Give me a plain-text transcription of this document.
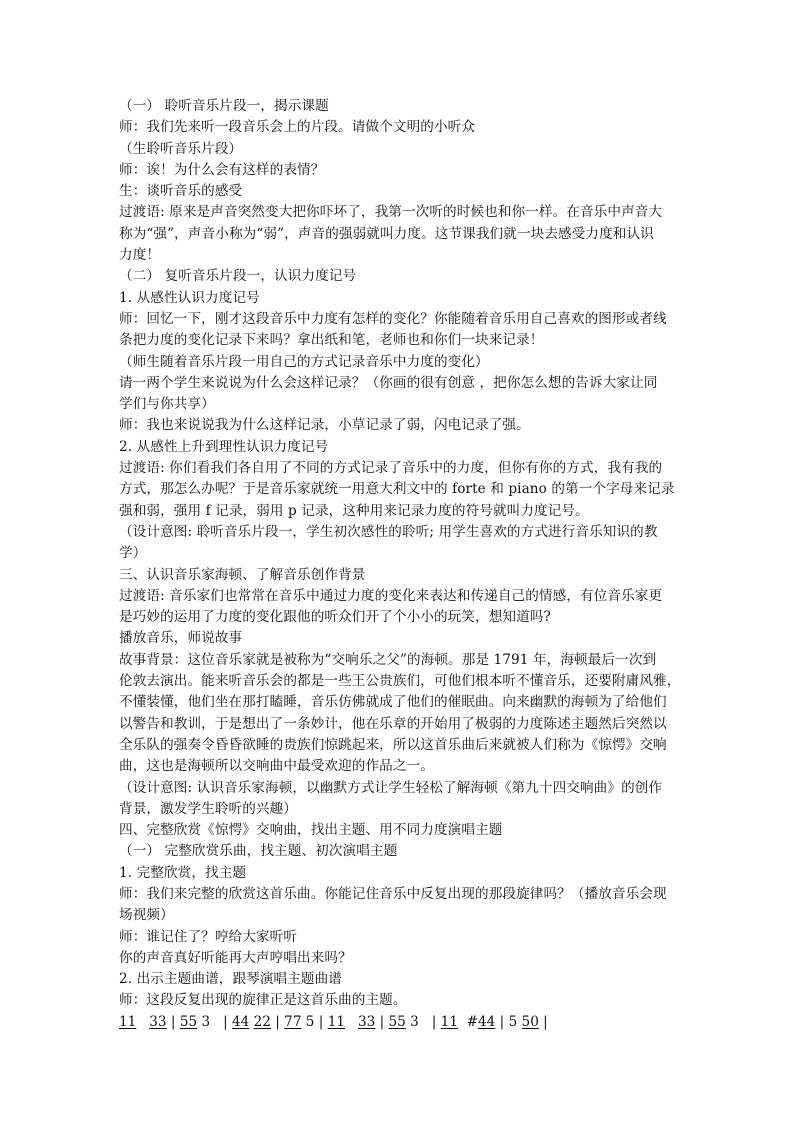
（一） 聆听音乐片段一，揭示课题
师：我们先来听一段音乐会上的片段。请做个文明的小听众
（生聆听音乐片段）
师：诶！为什么会有这样的表情？
生：谈听音乐的感受
过渡语: 原来是声音突然变大把你吓坏了，我第一次听的时候也和你一样。在音乐中声音大
称为“强”，声音小称为“弱”，声音的强弱就叫力度。这节课我们就一块去感受力度和认识
力度！
（二） 复听音乐片段一，认识力度记号
1. 从感性认识力度记号
师：回忆一下，刚才这段音乐中力度有怎样的变化？你能随着音乐用自己喜欢的图形或者线
条把力度的变化记录下来吗？拿出纸和笔，老师也和你们一块来记录！
（师生随着音乐片段一用自己的方式记录音乐中力度的变化）
请一两个学生来说说为什么会这样记录？（你画的很有创意 ，把你怎么想的告诉大家让同
学们与你共享）
师：我也来说说我为什么这样记录，小草记录了弱，闪电记录了强。
2. 从感性上升到理性认识力度记号
过渡语: 你们看我们各自用了不同的方式记录了音乐中的力度，但你有你的方式，我有我的
方式，那怎么办呢？于是音乐家就统一用意大利文中的 forte 和 piano 的第一个字母来记录
强和弱，强用 f 记录，弱用 p 记录，这种用来记录力度的符号就叫力度记号。
（设计意图: 聆听音乐片段一，学生初次感性的聆听; 用学生喜欢的方式进行音乐知识的教
学）
三、认识音乐家海顿、了解音乐创作背景
过渡语: 音乐家们也常常在音乐中通过力度的变化来表达和传递自己的情感，有位音乐家更
是巧妙的运用了力度的变化跟他的听众们开了个小小的玩笑，想知道吗?
播放音乐，师说故事
故事背景：这位音乐家就是被称为“交响乐之父”的海顿。那是 1791 年，海顿最后一次到
伦敦去演出。能来听音乐会的都是一些王公贵族们，可他们根本听不懂音乐，还要附庸风雅，
不懂装懂，他们坐在那打瞌睡，音乐仿佛就成了他们的催眠曲。向来幽默的海顿为了给他们
以警告和教训，于是想出了一条妙计，他在乐章的开始用了极弱的力度陈述主题然后突然以
全乐队的强奏令昏昏欲睡的贵族们惊跳起来，所以这首乐曲后来就被人们称为《惊愕》交响
曲，这也是海顿所以交响曲中最受欢迎的作品之一。
（设计意图: 认识音乐家海顿，以幽默方式让学生轻松了解海顿《第九十四交响曲》的创作
背景，激发学生聆听的兴趣）
四、完整欣赏《惊愕》交响曲，找出主题、用不同力度演唱主题
（一） 完整欣赏乐曲，找主题、初次演唱主题
1. 完整欣赏，找主题
师：我们来完整的欣赏这首乐曲。你能记住音乐中反复出现的那段旋律吗？（播放音乐会现
场视频）
师：谁记住了？哼给大家听听
你的声音真好听能再大声哼唱出来吗？
2. 出示主题曲谱，跟琴演唱主题曲谱
师：这段反复出现的旋律正是这首乐曲的主题。
11 33 | 55 3   | 44 22 | 77 5 | 11 33 | 55 3   | 11  #44 | 5 50 |
